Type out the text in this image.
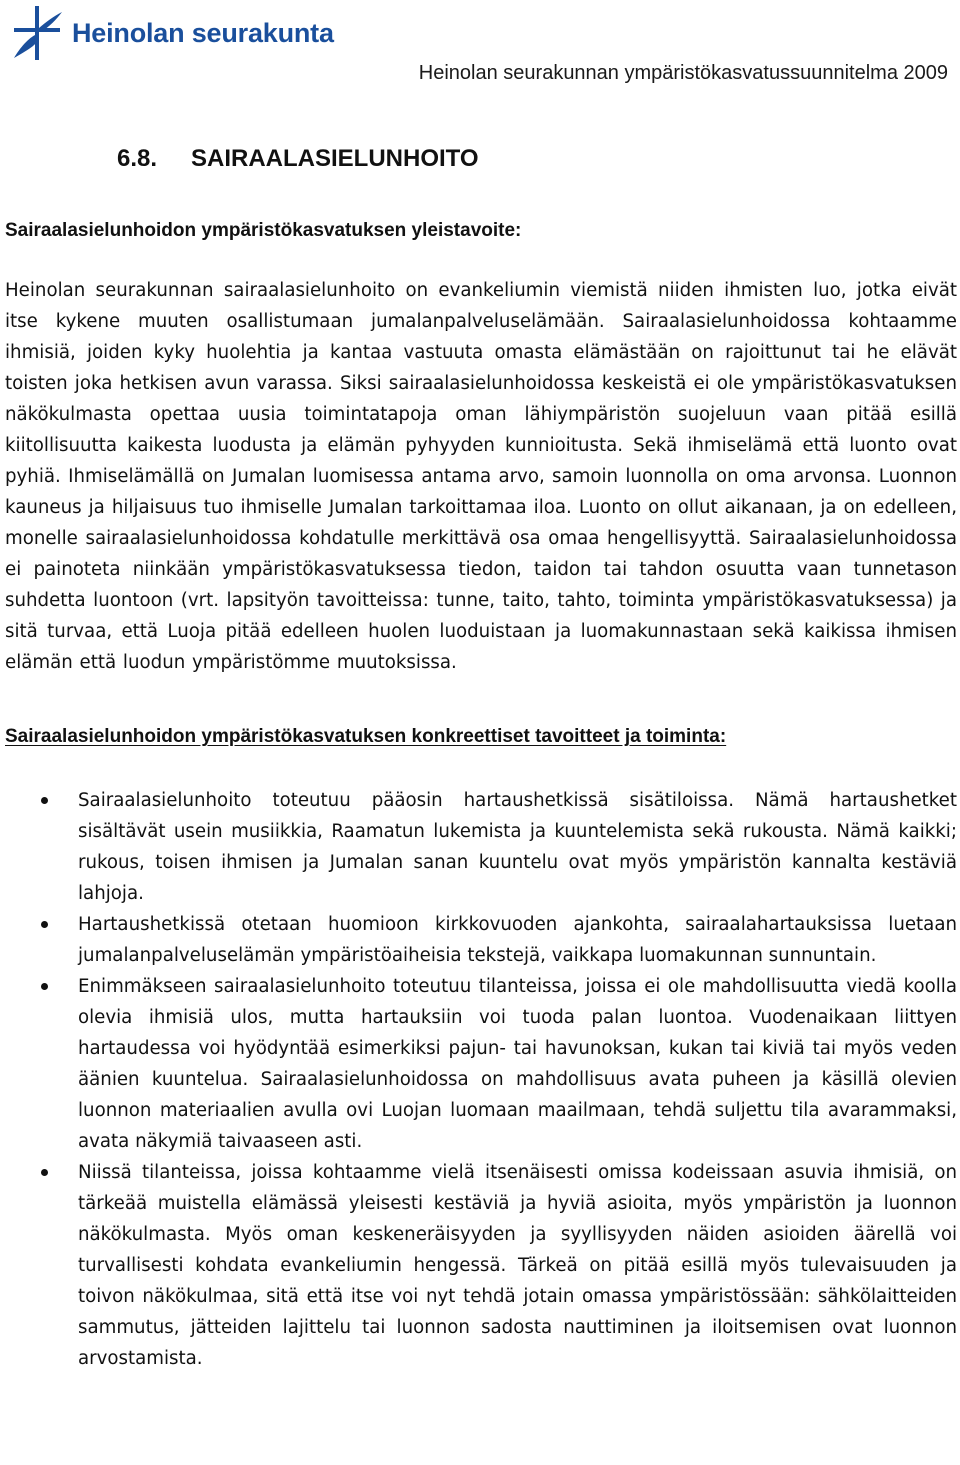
Heinolan seurakunta
Heinolan seurakunnan ympäristökasvatussuunnitelma 2009
6.8. SAIRAALASIELUNHOITO
Sairaalasielunhoidon ympäristökasvatuksen yleistavoite:

Heinolan seurakunnan sairaalasielunhoito on evankeliumin viemistä niiden ihmisten luo, jotka eivät itse kykene muuten osallistumaan jumalanpalveluselämään. Sairaalasielunhoidossa kohtaamme ihmisiä, joiden kyky huolehtia ja kantaa vastuuta omasta elämästään on rajoittunut tai he elävät toisten joka hetkisen avun varassa. Siksi sairaalasielunhoidossa keskeistä ei ole ympäristökasvatuksen näkökulmasta opettaa uusia toimintatapoja oman lähiympäristön suojeluun vaan pitää esillä kiitollisuutta kaikesta luodusta ja elämän pyhyyden kunnioitusta. Sekä ihmiselämä että luonto ovat pyhiä. Ihmiselämällä on Jumalan luomisessa antama arvo, samoin luonnolla on oma arvonsa. Luonnon kauneus ja hiljaisuus tuo ihmiselle Jumalan tarkoittamaa iloa. Luonto on ollut aikanaan, ja on edelleen, monelle sairaalasielunhoidossa kohdatulle merkittävä osa omaa hengellisyyttä. Sairaalasielunhoidossa ei painoteta niinkään ympäristökasvatuksessa tiedon, taidon tai tahdon osuutta vaan tunnetason suhdetta luontoon (vrt. lapsityön tavoitteissa: tunne, taito, tahto, toiminta ympäristökasvatuksessa) ja sitä turvaa, että Luoja pitää edelleen huolen luoduistaan ja luomakunnastaan sekä kaikissa ihmisen elämän että luodun ympäristömme muutoksissa.

Sairaalasielunhoidon ympäristökasvatuksen konkreettiset tavoitteet ja toiminta:

Sairaalasielunhoito toteutuu pääosin hartaushetkissä sisätiloissa. Nämä hartaushetket sisältävät usein musiikkia, Raamatun lukemista ja kuuntelemista sekä rukousta. Nämä kaikki; rukous, toisen ihmisen ja Jumalan sanan kuuntelu ovat myös ympäristön kannalta kestäviä lahjoja.

Hartaushetkissä otetaan huomioon kirkkovuoden ajankohta, sairaalahartauksissa luetaan jumalanpalveluselämän ympäristöaiheisia tekstejä, vaikkapa luomakunnan sunnuntain.

Enimmäkseen sairaalasielunhoito toteutuu tilanteissa, joissa ei ole mahdollisuutta viedä koolla olevia ihmisiä ulos, mutta hartauksiin voi tuoda palan luontoa. Vuodenaikaan liittyen hartaudessa voi hyödyntää esimerkiksi pajun- tai havunoksan, kukan tai kiviä tai myös veden äänien kuuntelua. Sairaalasielunhoidossa on mahdollisuus avata puheen ja käsillä olevien luonnon materiaalien avulla ovi Luojan luomaan maailmaan, tehdä suljettu tila avarammaksi, avata näkymiä taivaaseen asti.

Niissä tilanteissa, joissa kohtaamme vielä itsenäisesti omissa kodeissaan asuvia ihmisiä, on tärkeää muistella elämässä yleisesti kestäviä ja hyviä asioita, myös ympäristön ja luonnon näkökulmasta. Myös oman keskeneräisyyden ja syyllisyyden näiden asioiden äärellä voi turvallisesti kohdata evankeliumin hengessä. Tärkeä on pitää esillä myös tulevaisuuden ja toivon näkökulmaa, sitä että itse voi nyt tehdä jotain omassa ympäristössään: sähkölaitteiden sammutus, jätteiden lajittelu tai luonnon sadosta nauttiminen ja iloitsemisen ovat luonnon arvostamista.
